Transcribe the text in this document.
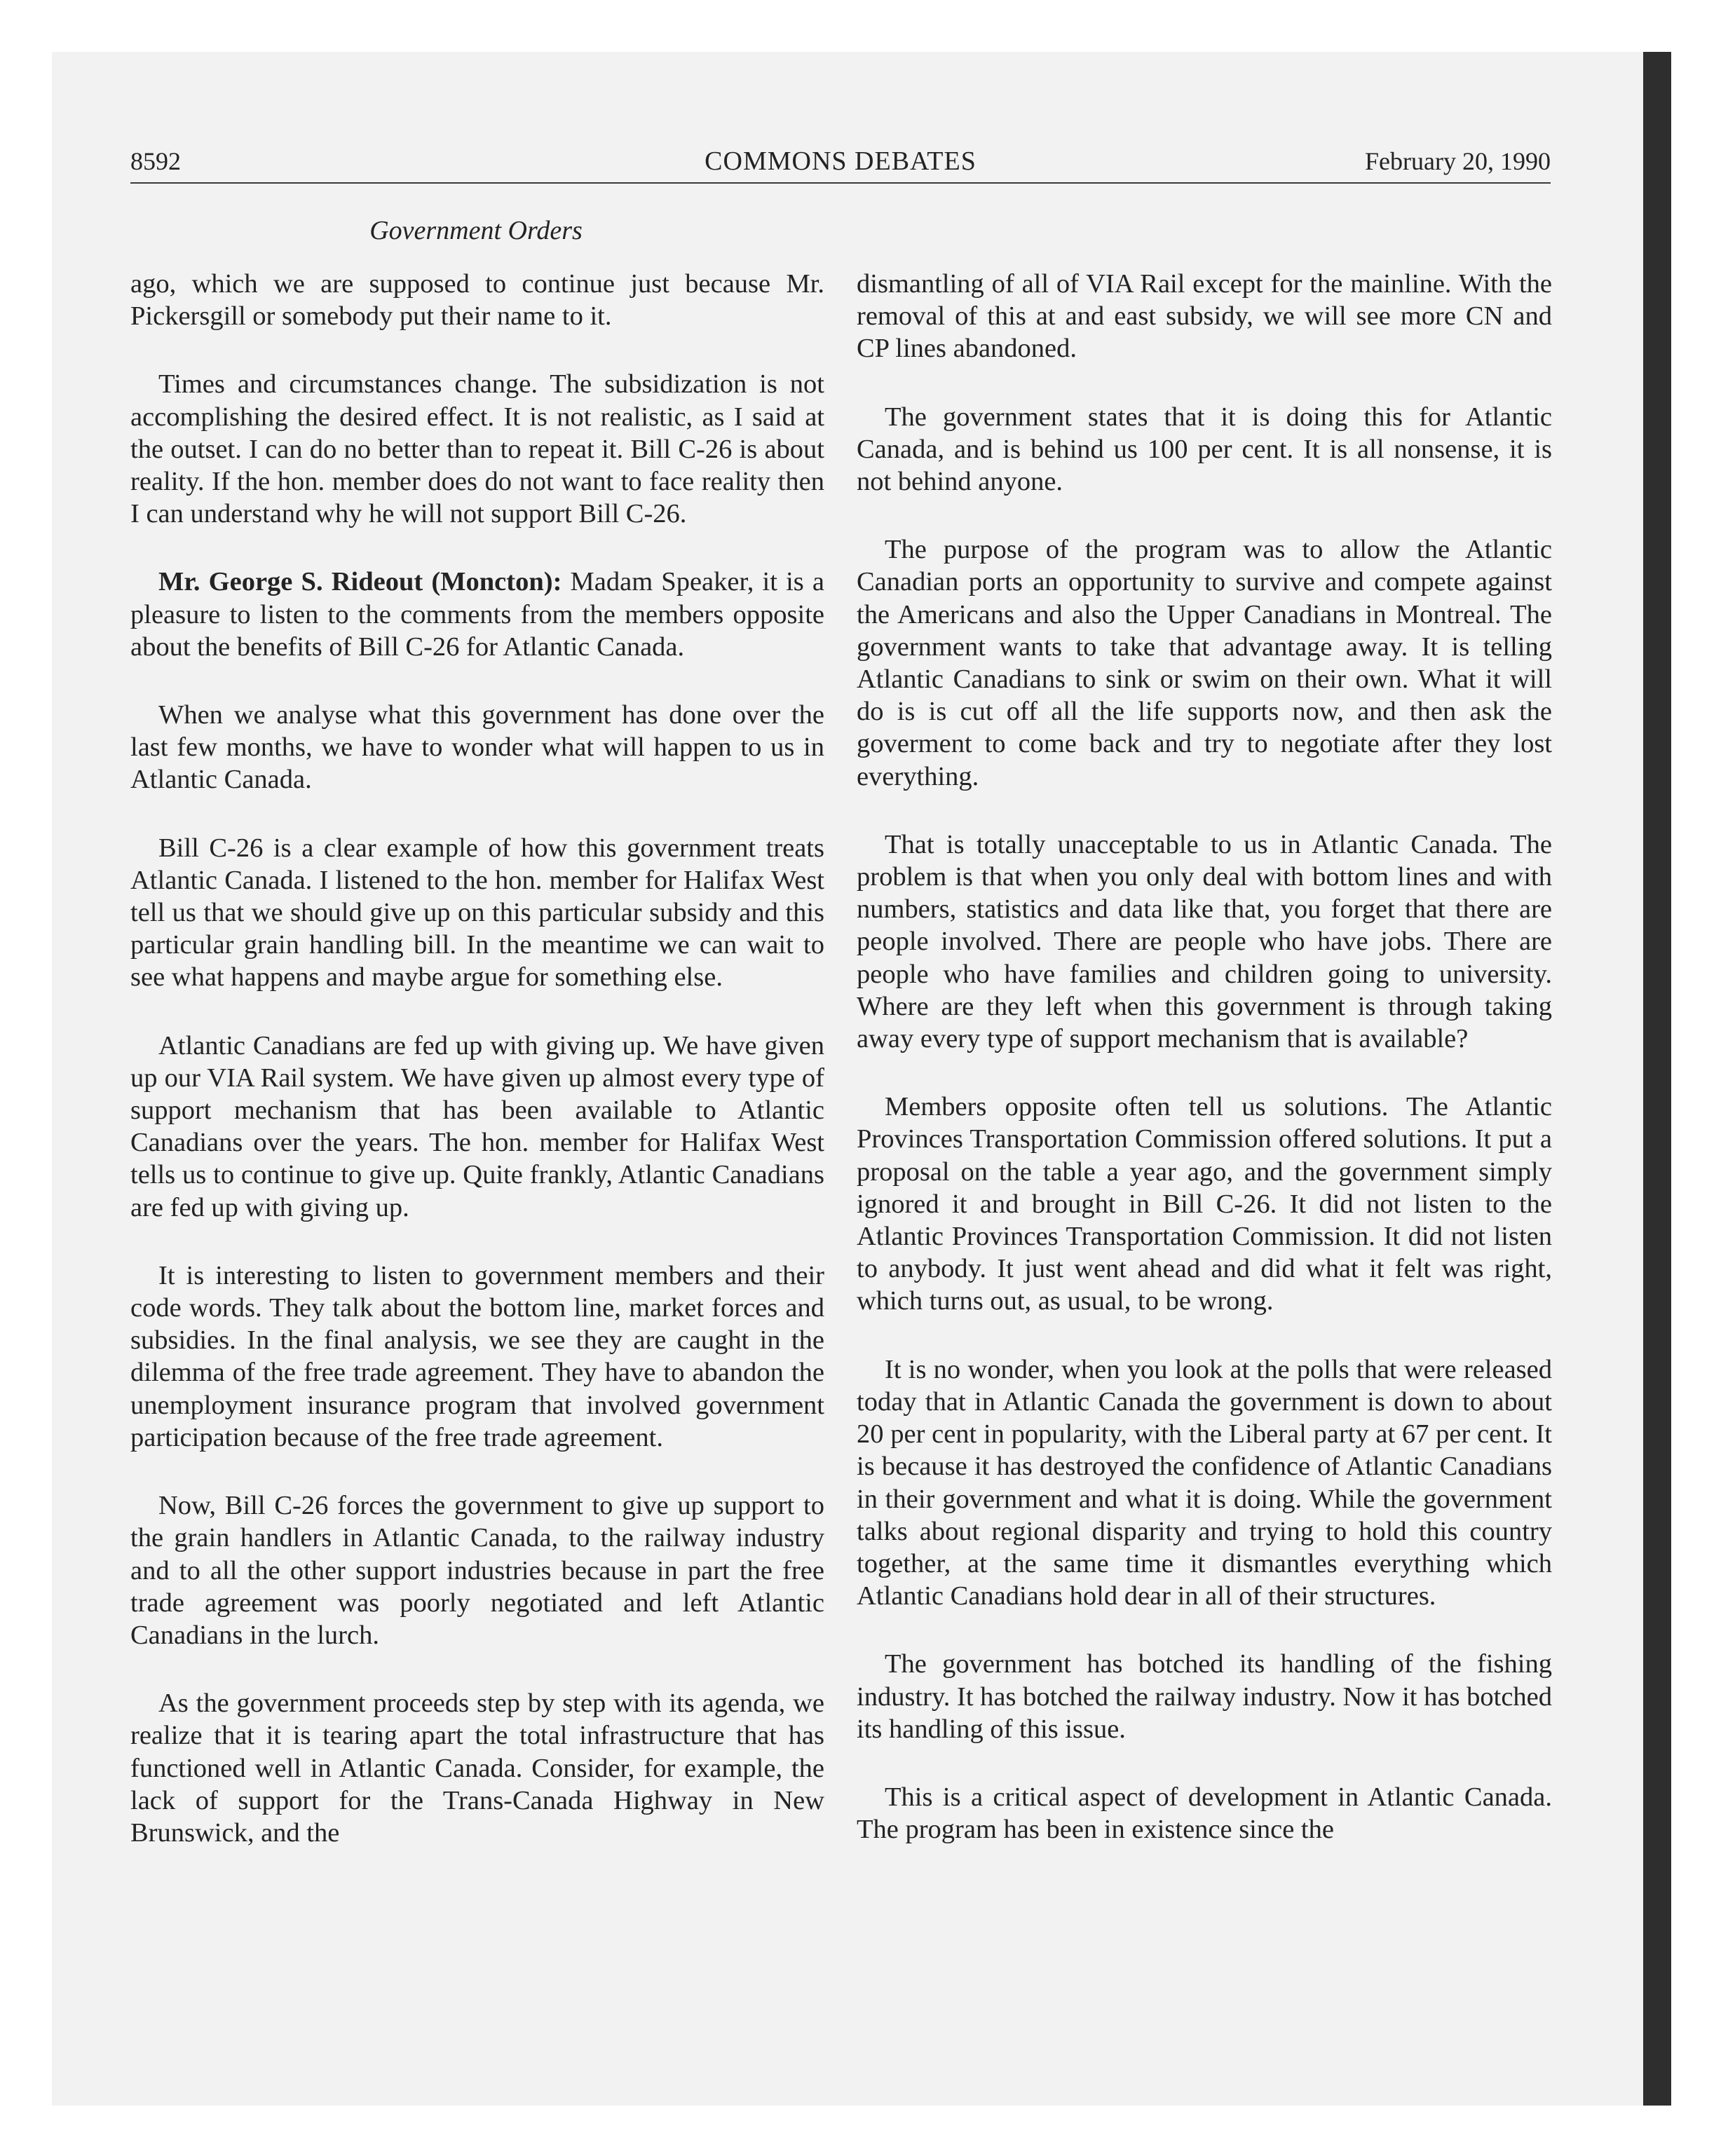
8592	COMMONS DEBATES	February 20, 1990
Government Orders

ago, which we are supposed to continue just because Mr. Pickersgill or somebody put their name to it.

Times and circumstances change. The subsidization is not accomplishing the desired effect. It is not realistic, as I said at the outset. I can do no better than to repeat it. Bill C-26 is about reality. If the hon. member does do not want to face reality then I can understand why he will not support Bill C-26.

Mr. George S. Rideout (Moncton): Madam Speaker, it is a pleasure to listen to the comments from the members opposite about the benefits of Bill C-26 for Atlantic Canada.

When we analyse what this government has done over the last few months, we have to wonder what will happen to us in Atlantic Canada.

Bill C-26 is a clear example of how this government treats Atlantic Canada. I listened to the hon. member for Halifax West tell us that we should give up on this particular subsidy and this particular grain handling bill. In the meantime we can wait to see what happens and maybe argue for something else.

Atlantic Canadians are fed up with giving up. We have given up our VIA Rail system. We have given up almost every type of support mechanism that has been available to Atlantic Canadians over the years. The hon. member for Halifax West tells us to continue to give up. Quite frankly, Atlantic Canadians are fed up with giving up.

It is interesting to listen to government members and their code words. They talk about the bottom line, market forces and subsidies. In the final analysis, we see they are caught in the dilemma of the free trade agreement. They have to abandon the unemployment insurance program that involved government participation because of the free trade agreement.

Now, Bill C-26 forces the government to give up support to the grain handlers in Atlantic Canada, to the railway industry and to all the other support industries because in part the free trade agreement was poorly negotiated and left Atlantic Canadians in the lurch.

As the government proceeds step by step with its agenda, we realize that it is tearing apart the total infrastructure that has functioned well in Atlantic Canada. Consider, for example, the lack of support for the Trans-Canada Highway in New Brunswick, and the

dismantling of all of VIA Rail except for the mainline. With the removal of this at and east subsidy, we will see more CN and CP lines abandoned.

The government states that it is doing this for Atlantic Canada, and is behind us 100 per cent. It is all nonsense, it is not behind anyone.

The purpose of the program was to allow the Atlantic Canadian ports an opportunity to survive and compete against the Americans and also the Upper Canadians in Montreal. The government wants to take that advantage away. It is telling Atlantic Canadians to sink or swim on their own. What it will do is is cut off all the life supports now, and then ask the goverment to come back and try to negotiate after they lost everything.

That is totally unacceptable to us in Atlantic Canada. The problem is that when you only deal with bottom lines and with numbers, statistics and data like that, you forget that there are people involved. There are people who have jobs. There are people who have families and children going to university. Where are they left when this government is through taking away every type of support mechanism that is available?

Members opposite often tell us solutions. The Atlantic Provinces Transportation Commission offered solutions. It put a proposal on the table a year ago, and the government simply ignored it and brought in Bill C-26. It did not listen to the Atlantic Provinces Transportation Commission. It did not listen to anybody. It just went ahead and did what it felt was right, which turns out, as usual, to be wrong.

It is no wonder, when you look at the polls that were released today that in Atlantic Canada the government is down to about 20 per cent in popularity, with the Liberal party at 67 per cent. It is because it has destroyed the confidence of Atlantic Canadians in their government and what it is doing. While the government talks about regional disparity and trying to hold this country together, at the same time it dismantles everything which Atlantic Canadians hold dear in all of their structures.

The government has botched its handling of the fishing industry. It has botched the railway industry. Now it has botched its handling of this issue.

This is a critical aspect of development in Atlantic Canada. The program has been in existence since the
